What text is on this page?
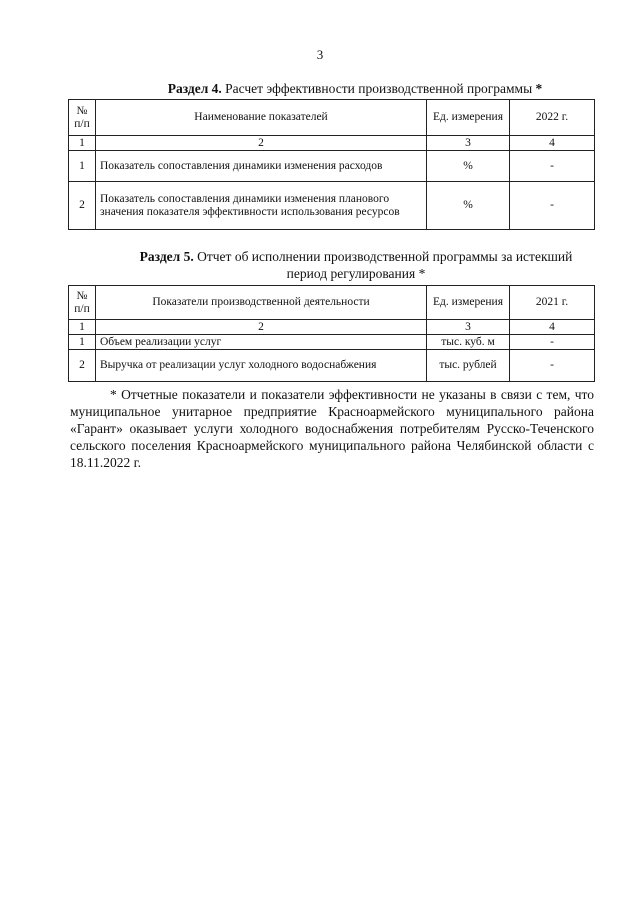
3
Раздел 4. Расчет эффективности производственной программы *
№ п/п	Наименование показателей	Ед. измерения	2022 г.
1	2	3	4
1	Показатель сопоставления динамики изменения расходов	%	-
2	Показатель сопоставления динамики изменения планового значения показателя эффективности использования ресурсов	%	-
Раздел 5. Отчет об исполнении производственной программы за истекший период регулирования *
№ п/п	Показатели производственной деятельности	Ед. измерения	2021 г.
1	2	3	4
1	Объем реализации услуг	тыс. куб. м	-
2	Выручка от реализации услуг холодного водоснабжения	тыс. рублей	-
* Отчетные показатели и показатели эффективности не указаны в связи с тем, что муниципальное унитарное предприятие Красноармейского муниципального района «Гарант» оказывает услуги холодного водоснабжения потребителям Русско-Теченского сельского поселения Красноармейского муниципального района Челябинской области с 18.11.2022 г.
